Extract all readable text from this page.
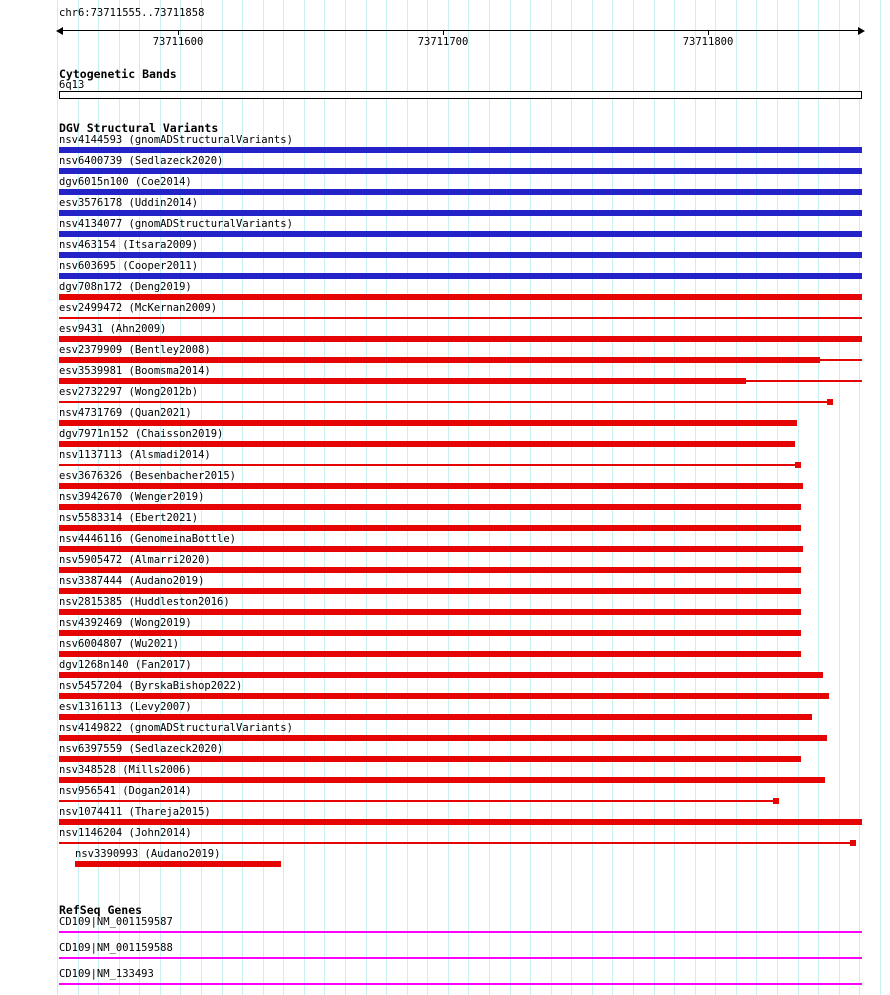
chr6:73711555..73711858
73711600	73711700	73711800
Cytogenetic Bands
6q13
DGV Structural Variants
nsv4144593 (gnomADStructuralVariants)
nsv6400739 (Sedlazeck2020)
dgv6015n100 (Coe2014)
esv3576178 (Uddin2014)
nsv4134077 (gnomADStructuralVariants)
nsv463154 (Itsara2009)
nsv603695 (Cooper2011)
dgv708n172 (Deng2019)
esv2499472 (McKernan2009)
esv9431 (Ahn2009)
esv2379909 (Bentley2008)
esv3539981 (Boomsma2014)
esv2732297 (Wong2012b)
nsv4731769 (Quan2021)
dgv7971n152 (Chaisson2019)
nsv1137113 (Alsmadi2014)
esv3676326 (Besenbacher2015)
nsv3942670 (Wenger2019)
nsv5583314 (Ebert2021)
nsv4446116 (GenomeinaBottle)
nsv5905472 (Almarri2020)
nsv3387444 (Audano2019)
nsv2815385 (Huddleston2016)
nsv4392469 (Wong2019)
nsv6004807 (Wu2021)
dgv1268n140 (Fan2017)
nsv5457204 (ByrskaBishop2022)
esv1316113 (Levy2007)
nsv4149822 (gnomADStructuralVariants)
nsv6397559 (Sedlazeck2020)
nsv348528 (Mills2006)
nsv956541 (Dogan2014)
nsv1074411 (Thareja2015)
nsv1146204 (John2014)
nsv3390993 (Audano2019)
RefSeq Genes
CD109|NM_001159587
CD109|NM_001159588
CD109|NM_133493
